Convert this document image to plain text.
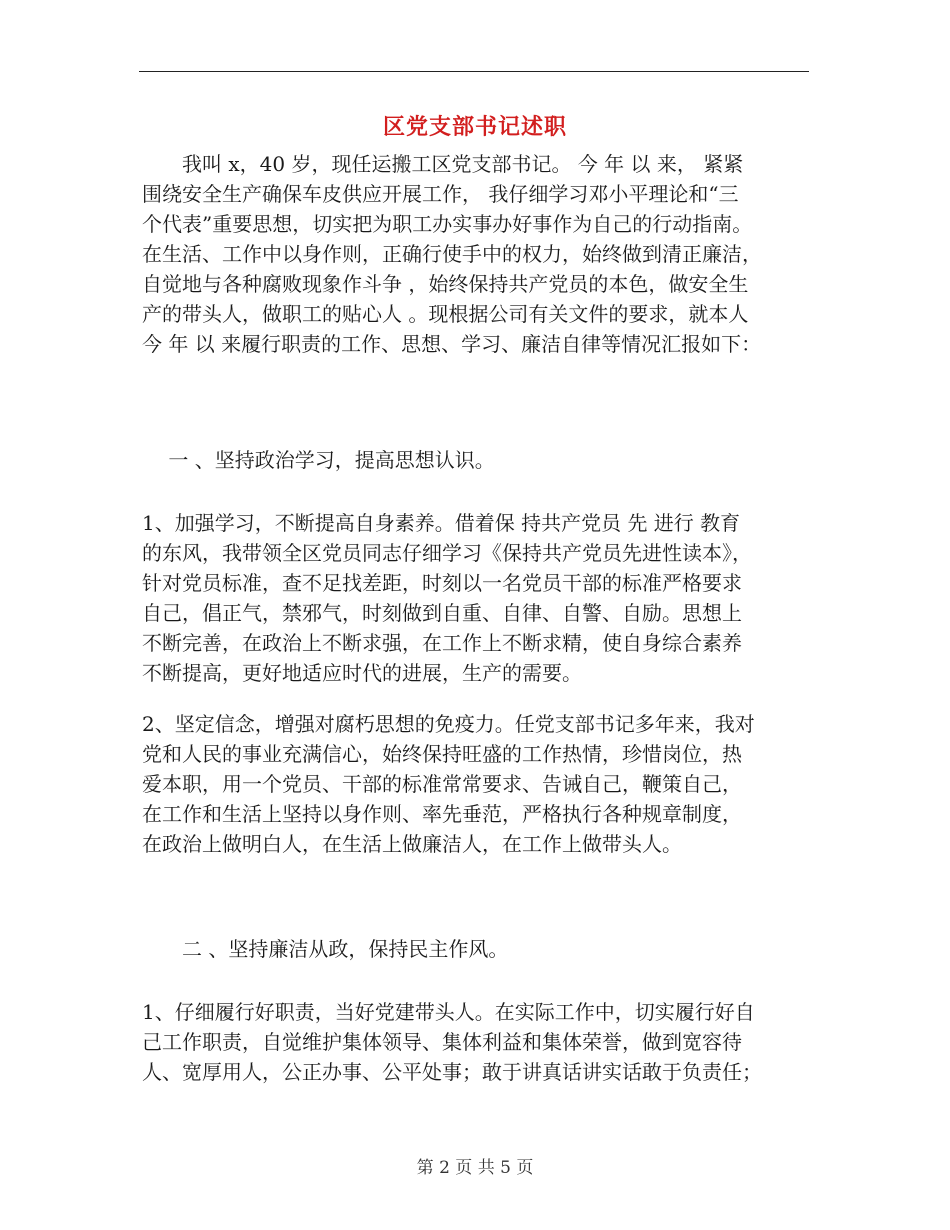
区党支部书记述职
　　我叫 x，40 岁，现任运搬工区党支部书记。 今 年 以 来， 紧紧
围绕安全生产确保车皮供应开展工作， 我仔细学习邓小平理论和“三
个代表”重要思想，切实把为职工办实事办好事作为自己的行动指南。
在生活、工作中以身作则，正确行使手中的权力，始终做到清正廉洁，
自觉地与各种腐败现象作斗争 ，始终保持共产党员的本色，做安全生
产的带头人，做职工的贴心人 。现根据公司有关文件的要求，就本人
今 年 以 来履行职责的工作、思想、学习、廉洁自律等情况汇报如下：
　 一 、坚持政治学习，提高思想认识。
1、加强学习，不断提高自身素养。借着保 持共产党员 先 进行 教育
的东风，我带领全区党员同志仔细学习《保持共产党员先进性读本》，
针对党员标准，查不足找差距，时刻以一名党员干部的标准严格要求
自己，倡正气，禁邪气，时刻做到自重、自律、自警、自励。思想上
不断完善，在政治上不断求强，在工作上不断求精，使自身综合素养
不断提高，更好地适应时代的进展，生产的需要。
2、坚定信念，增强对腐朽思想的免疫力。任党支部书记多年来，我对
党和人民的事业充满信心，始终保持旺盛的工作热情，珍惜岗位，热
爱本职，用一个党员、干部的标准常常要求、告诫自己，鞭策自己，
在工作和生活上坚持以身作则、率先垂范，严格执行各种规章制度，
在政治上做明白人，在生活上做廉洁人，在工作上做带头人。
　　二 、坚持廉洁从政，保持民主作风。
1、仔细履行好职责，当好党建带头人。在实际工作中，切实履行好自
己工作职责，自觉维护集体领导、集体利益和集体荣誉，做到宽容待
人、宽厚用人，公正办事、公平处事；敢于讲真话讲实话敢于负责任；
第 2 页 共 5 页
